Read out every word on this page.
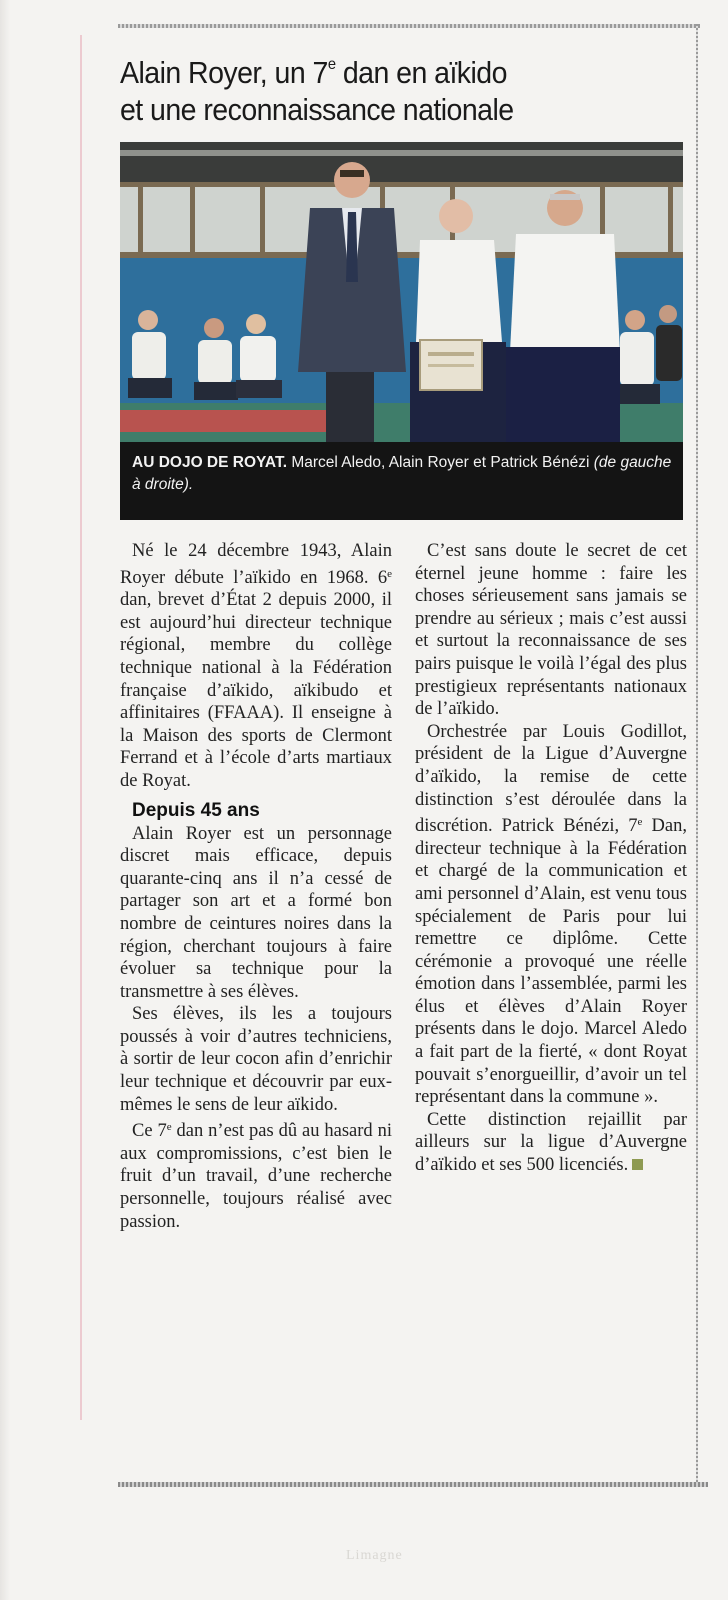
Alain Royer, un 7e dan en aïkido
et une reconnaissance nationale

AU DOJO DE ROYAT. Marcel Aledo, Alain Royer et Patrick Bénézi (de gauche à droite).

Né le 24 décembre 1943, Alain Royer débute l’aïkido en 1968. 6e dan, brevet d’État 2 depuis 2000, il est aujourd’hui directeur technique régional, membre du collège technique national à la Fédération française d’aïkido, aïkibudo et affinitaires (FFAAA). Il enseigne à la Maison des sports de Clermont Ferrand et à l’école d’arts martiaux de Royat.

Depuis 45 ans

Alain Royer est un personnage discret mais efficace, depuis quarante-cinq ans il n’a cessé de partager son art et a formé bon nombre de ceintures noires dans la région, cherchant toujours à faire évoluer sa technique pour la transmettre à ses élèves.

Ses élèves, ils les a toujours poussés à voir d’autres techniciens, à sortir de leur cocon afin d’enrichir leur technique et découvrir par eux-mêmes le sens de leur aïkido.

Ce 7e dan n’est pas dû au hasard ni aux compromissions, c’est bien le fruit d’un travail, d’une recherche personnelle, toujours réalisé avec passion.

C’est sans doute le secret de cet éternel jeune homme : faire les choses sérieusement sans jamais se prendre au sérieux ; mais c’est aussi et surtout la reconnaissance de ses pairs puisque le voilà l’égal des plus prestigieux représentants nationaux de l’aïkido.

Orchestrée par Louis Godillot, président de la Ligue d’Auvergne d’aïkido, la remise de cette distinction s’est déroulée dans la discrétion. Patrick Bénézi, 7e Dan, directeur technique à la Fédération et chargé de la communication et ami personnel d’Alain, est venu tous spécialement de Paris pour lui remettre ce diplôme. Cette cérémonie a provoqué une réelle émotion dans l’assemblée, parmi les élus et élèves d’Alain Royer présents dans le dojo. Marcel Aledo a fait part de la fierté, « dont Royat pouvait s’enorgueillir, d’avoir un tel représentant dans la commune ».

Cette distinction rejaillit par ailleurs sur la ligue d’Auvergne d’aïkido et ses 500 licenciés.

Limagne
